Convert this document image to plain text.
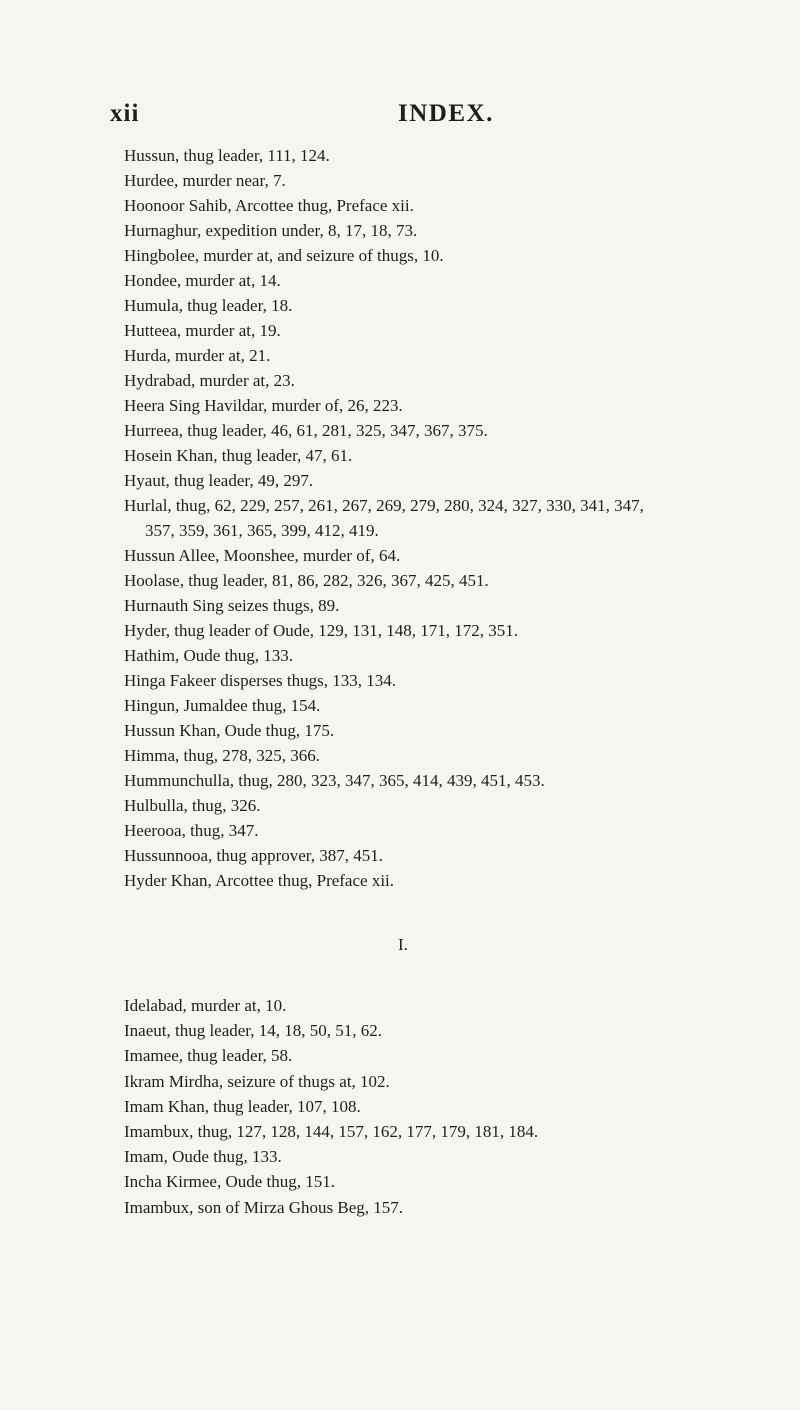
xii	INDEX.
Hussun, thug leader, 111, 124.
Hurdee, murder near, 7.
Hoonoor Sahib, Arcottee thug, Preface xii.
Hurnaghur, expedition under, 8, 17, 18, 73.
Hingbolee, murder at, and seizure of thugs, 10.
Hondee, murder at, 14.
Humula, thug leader, 18.
Hutteea, murder at, 19.
Hurda, murder at, 21.
Hydrabad, murder at, 23.
Heera Sing Havildar, murder of, 26, 223.
Hurreea, thug leader, 46, 61, 281, 325, 347, 367, 375.
Hosein Khan, thug leader, 47, 61.
Hyaut, thug leader, 49, 297.
Hurlal, thug, 62, 229, 257, 261, 267, 269, 279, 280, 324, 327, 330, 341, 347,
357, 359, 361, 365, 399, 412, 419.
Hussun Allee, Moonshee, murder of, 64.
Hoolase, thug leader, 81, 86, 282, 326, 367, 425, 451.
Hurnauth Sing seizes thugs, 89.
Hyder, thug leader of Oude, 129, 131, 148, 171, 172, 351.
Hathim, Oude thug, 133.
Hinga Fakeer disperses thugs, 133, 134.
Hingun, Jumaldee thug, 154.
Hussun Khan, Oude thug, 175.
Himma, thug, 278, 325, 366.
Hummunchulla, thug, 280, 323, 347, 365, 414, 439, 451, 453.
Hulbulla, thug, 326.
Heerooa, thug, 347.
Hussunnooa, thug approver, 387, 451.
Hyder Khan, Arcottee thug, Preface xii.
I.
Idelabad, murder at, 10.
Inaeut, thug leader, 14, 18, 50, 51, 62.
Imamee, thug leader, 58.
Ikram Mirdha, seizure of thugs at, 102.
Imam Khan, thug leader, 107, 108.
Imambux, thug, 127, 128, 144, 157, 162, 177, 179, 181, 184.
Imam, Oude thug, 133.
Incha Kirmee, Oude thug, 151.
Imambux, son of Mirza Ghous Beg, 157.
